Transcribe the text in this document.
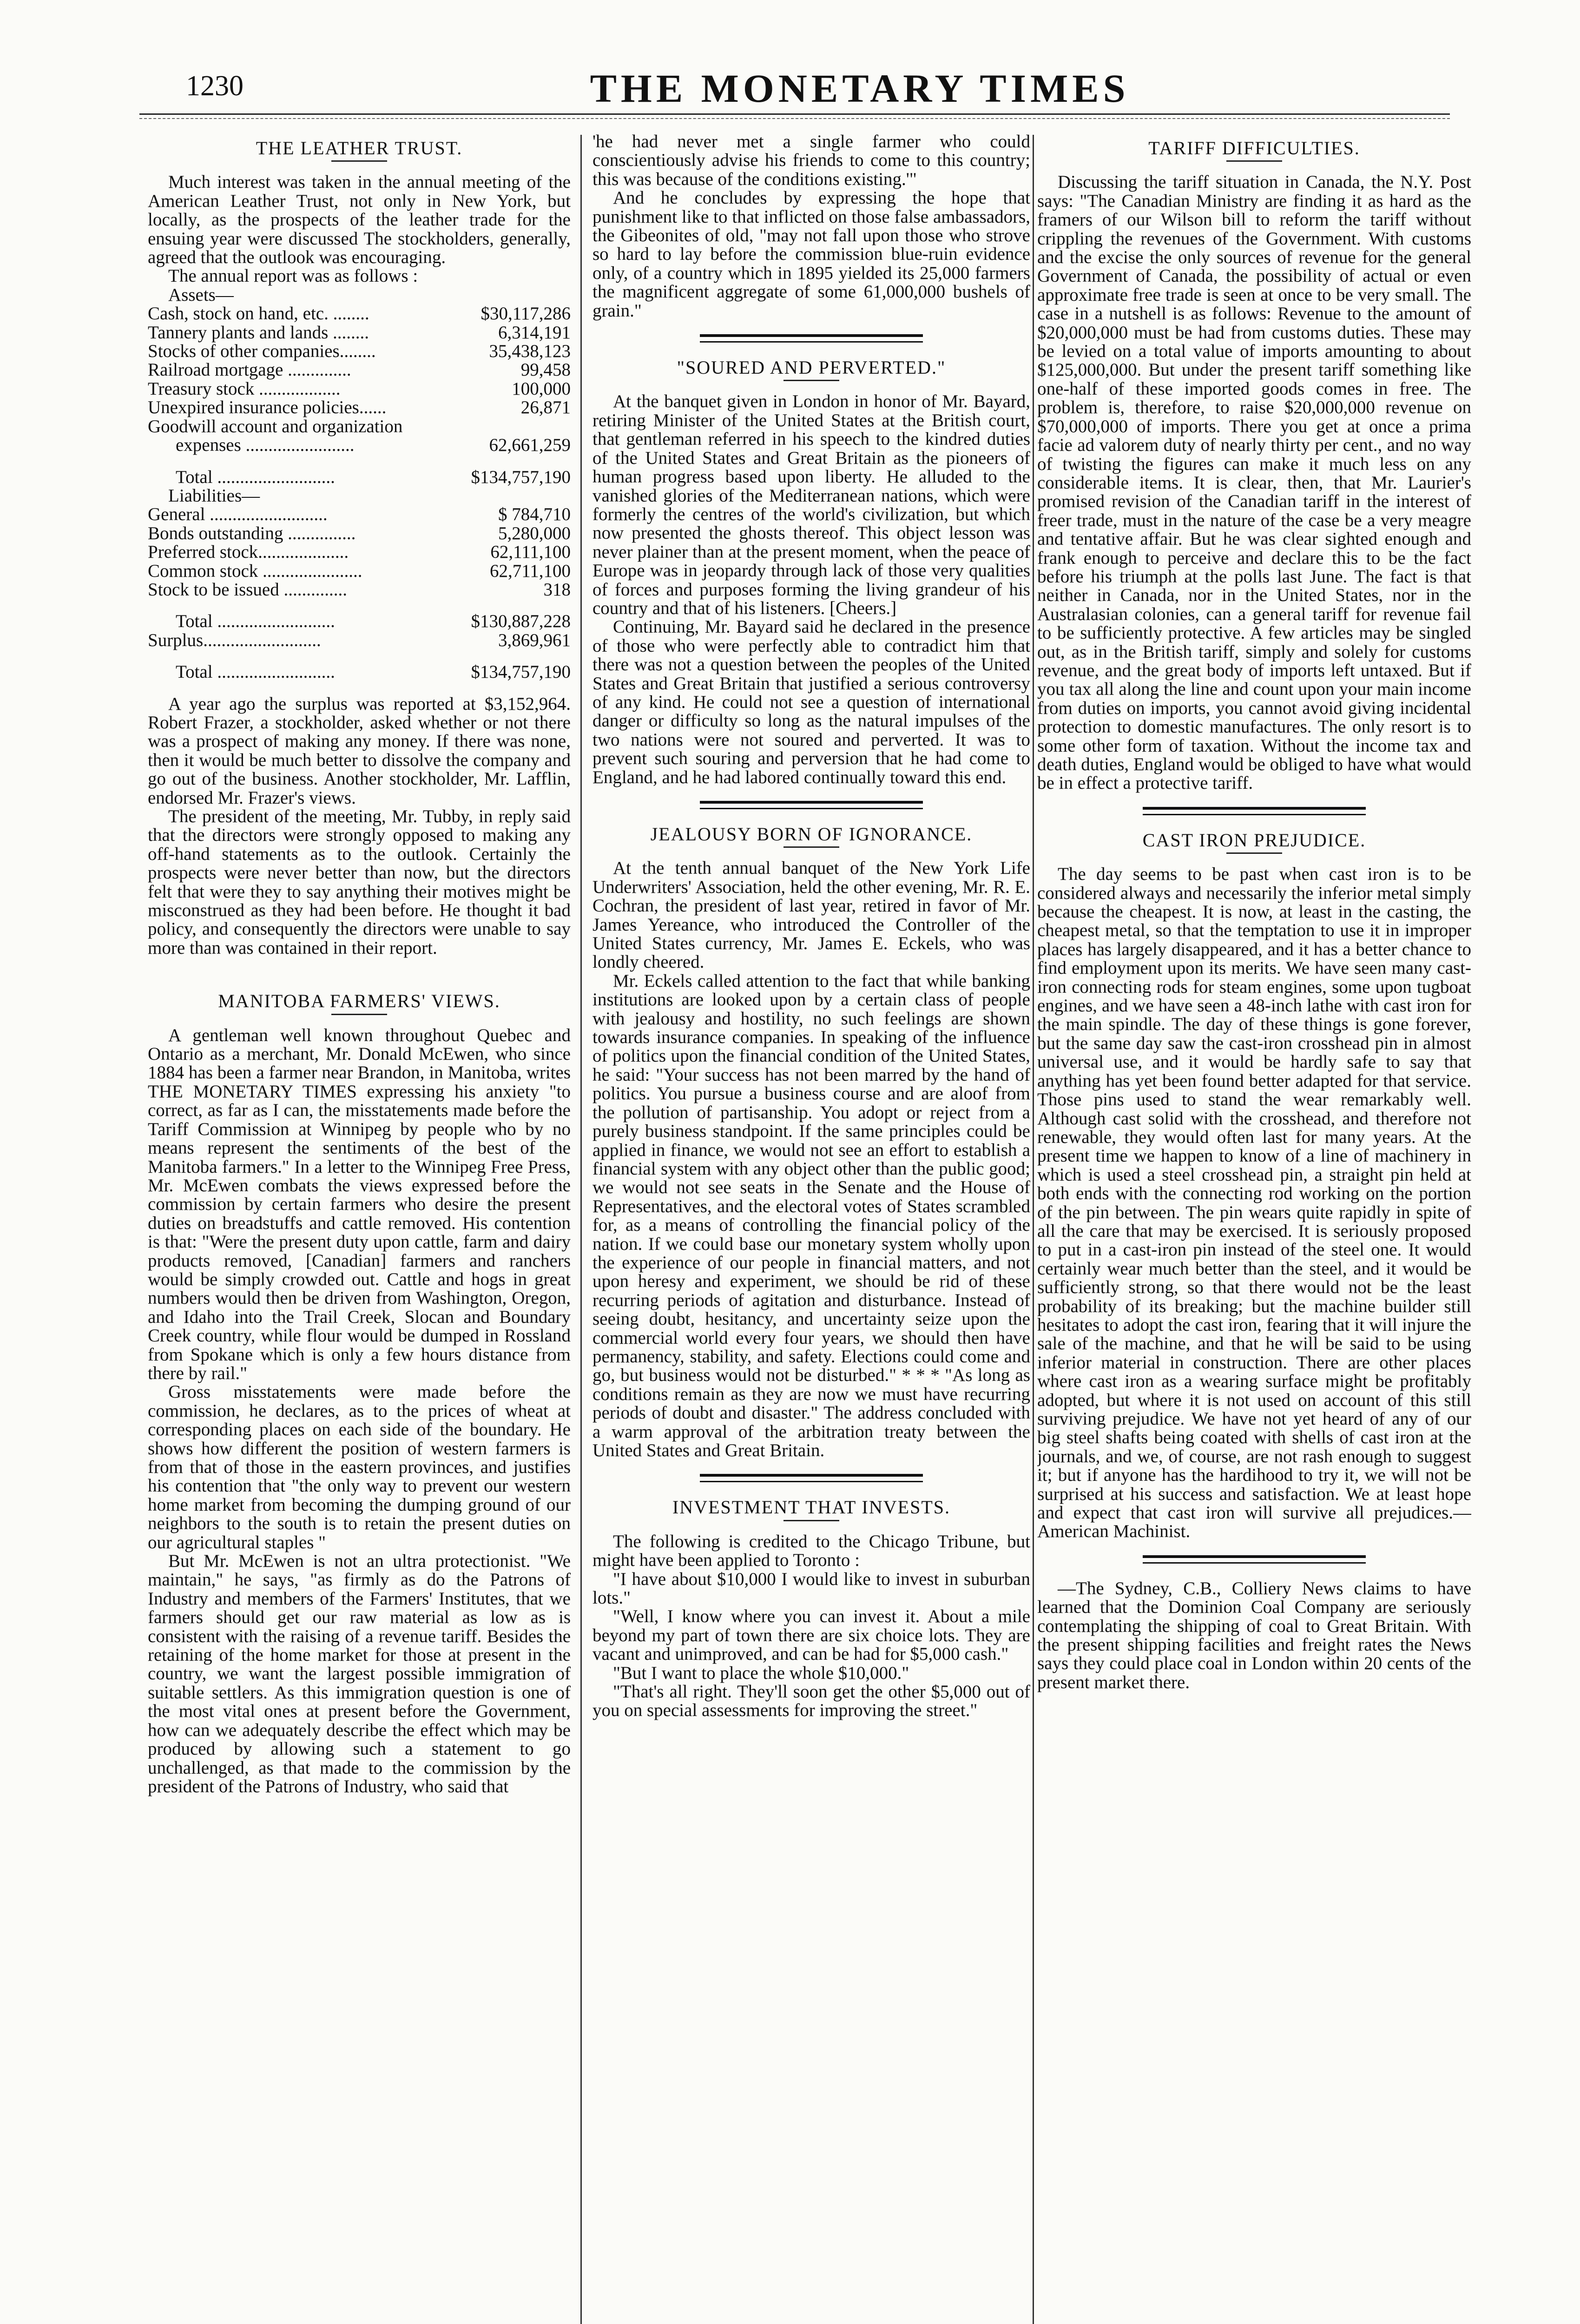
1230	THE MONETARY TIMES
THE LEATHER TRUST.

Much interest was taken in the annual meeting of the American Leather Trust, not only in New York, but locally, as the prospects of the leather trade for the ensuing year were discussed The stockholders, generally, agreed that the outlook was encouraging.

The annual report was as follows :

Assets—
Cash, stock on hand, etc. ........	$30,117,286
Tannery plants and lands ........	6,314,191
Stocks of other companies........	35,438,123
Railroad mortgage ..............	99,458
Treasury stock ..................	100,000
Unexpired insurance policies......	26,871
Goodwill account and organization
expenses ........................	62,661,259
Total ..........................	$134,757,190
Liabilities—
General ..........................	$ 784,710
Bonds outstanding ...............	5,280,000
Preferred stock....................	62,111,100
Common stock ......................	62,711,100
Stock to be issued ..............	318
Total ..........................	$130,887,228
Surplus..........................	3,869,961
Total ..........................	$134,757,190

A year ago the surplus was reported at $3,152,964. Robert Frazer, a stockholder, asked whether or not there was a prospect of making any money. If there was none, then it would be much better to dissolve the company and go out of the business. Another stockholder, Mr. Lafflin, endorsed Mr. Frazer's views.

The president of the meeting, Mr. Tubby, in reply said that the directors were strongly opposed to making any off-hand statements as to the outlook. Certainly the prospects were never better than now, but the directors felt that were they to say anything their motives might be misconstrued as they had been before. He thought it bad policy, and consequently the directors were unable to say more than was contained in their report.

MANITOBA FARMERS' VIEWS.

A gentleman well known throughout Quebec and Ontario as a merchant, Mr. Donald McEwen, who since 1884 has been a farmer near Brandon, in Manitoba, writes THE MONETARY TIMES expressing his anxiety "to correct, as far as I can, the misstatements made before the Tariff Commission at Winnipeg by people who by no means represent the sentiments of the best of the Manitoba farmers." In a letter to the Winnipeg Free Press, Mr. McEwen combats the views expressed before the commission by certain farmers who desire the present duties on breadstuffs and cattle removed. His contention is that: "Were the present duty upon cattle, farm and dairy products removed, [Canadian] farmers and ranchers would be simply crowded out. Cattle and hogs in great numbers would then be driven from Washington, Oregon, and Idaho into the Trail Creek, Slocan and Boundary Creek country, while flour would be dumped in Rossland from Spokane which is only a few hours distance from there by rail."

Gross misstatements were made before the commission, he declares, as to the prices of wheat at corresponding places on each side of the boundary. He shows how different the position of western farmers is from that of those in the eastern provinces, and justifies his contention that "the only way to prevent our western home market from becoming the dumping ground of our neighbors to the south is to retain the present duties on our agricultural staples "

But Mr. McEwen is not an ultra protectionist. "We maintain," he says, "as firmly as do the Patrons of Industry and members of the Farmers' Institutes, that we farmers should get our raw material as low as is consistent with the raising of a revenue tariff. Besides the retaining of the home market for those at present in the country, we want the largest possible immigration of suitable settlers. As this immigration question is one of the most vital ones at present before the Government, how can we adequately describe the effect which may be produced by allowing such a statement to go unchallenged, as that made to the commission by the president of the Patrons of Industry, who said that

'he had never met a single farmer who could conscientiously advise his friends to come to this country; this was because of the conditions existing.'"

And he concludes by expressing the hope that punishment like to that inflicted on those false ambassadors, the Gibeonites of old, "may not fall upon those who strove so hard to lay before the commission blue-ruin evidence only, of a country which in 1895 yielded its 25,000 farmers the magnificent aggregate of some 61,000,000 bushels of grain."

"SOURED AND PERVERTED."

At the banquet given in London in honor of Mr. Bayard, retiring Minister of the United States at the British court, that gentleman referred in his speech to the kindred duties of the United States and Great Britain as the pioneers of human progress based upon liberty. He alluded to the vanished glories of the Mediterranean nations, which were formerly the centres of the world's civilization, but which now presented the ghosts thereof. This object lesson was never plainer than at the present moment, when the peace of Europe was in jeopardy through lack of those very qualities of forces and purposes forming the living grandeur of his country and that of his listeners. [Cheers.]

Continuing, Mr. Bayard said he declared in the presence of those who were perfectly able to contradict him that there was not a question between the peoples of the United States and Great Britain that justified a serious controversy of any kind. He could not see a question of international danger or difficulty so long as the natural impulses of the two nations were not soured and perverted. It was to prevent such souring and perversion that he had come to England, and he had labored continually toward this end.

JEALOUSY BORN OF IGNORANCE.

At the tenth annual banquet of the New York Life Underwriters' Association, held the other evening, Mr. R. E. Cochran, the president of last year, retired in favor of Mr. James Yereance, who introduced the Controller of the United States currency, Mr. James E. Eckels, who was londly cheered.

Mr. Eckels called attention to the fact that while banking institutions are looked upon by a certain class of people with jealousy and hostility, no such feelings are shown towards insurance companies. In speaking of the influence of politics upon the financial condition of the United States, he said: "Your success has not been marred by the hand of politics. You pursue a business course and are aloof from the pollution of partisanship. You adopt or reject from a purely business standpoint. If the same principles could be applied in finance, we would not see an effort to establish a financial system with any object other than the public good; we would not see seats in the Senate and the House of Representatives, and the electoral votes of States scrambled for, as a means of controlling the financial policy of the nation. If we could base our monetary system wholly upon the experience of our people in financial matters, and not upon heresy and experiment, we should be rid of these recurring periods of agitation and disturbance. Instead of seeing doubt, hesitancy, and uncertainty seize upon the commercial world every four years, we should then have permanency, stability, and safety. Elections could come and go, but business would not be disturbed." * * * "As long as conditions remain as they are now we must have recurring periods of doubt and disaster." The address concluded with a warm approval of the arbitration treaty between the United States and Great Britain.

INVESTMENT THAT INVESTS.

The following is credited to the Chicago Tribune, but might have been applied to Toronto :

"I have about $10,000 I would like to invest in suburban lots."

"Well, I know where you can invest it. About a mile beyond my part of town there are six choice lots. They are vacant and unimproved, and can be had for $5,000 cash."

"But I want to place the whole $10,000."

"That's all right. They'll soon get the other $5,000 out of you on special assessments for improving the street."

TARIFF DIFFICULTIES.

Discussing the tariff situation in Canada, the N.Y. Post says: "The Canadian Ministry are finding it as hard as the framers of our Wilson bill to reform the tariff without crippling the revenues of the Government. With customs and the excise the only sources of revenue for the general Government of Canada, the possibility of actual or even approximate free trade is seen at once to be very small. The case in a nutshell is as follows: Revenue to the amount of $20,000,000 must be had from customs duties. These may be levied on a total value of imports amounting to about $125,000,000. But under the present tariff something like one-half of these imported goods comes in free. The problem is, therefore, to raise $20,000,000 revenue on $70,000,000 of imports. There you get at once a prima facie ad valorem duty of nearly thirty per cent., and no way of twisting the figures can make it much less on any considerable items. It is clear, then, that Mr. Laurier's promised revision of the Canadian tariff in the interest of freer trade, must in the nature of the case be a very meagre and tentative affair. But he was clear sighted enough and frank enough to perceive and declare this to be the fact before his triumph at the polls last June. The fact is that neither in Canada, nor in the United States, nor in the Australasian colonies, can a general tariff for revenue fail to be sufficiently protective. A few articles may be singled out, as in the British tariff, simply and solely for customs revenue, and the great body of imports left untaxed. But if you tax all along the line and count upon your main income from duties on imports, you cannot avoid giving incidental protection to domestic manufactures. The only resort is to some other form of taxation. Without the income tax and death duties, England would be obliged to have what would be in effect a protective tariff.

CAST IRON PREJUDICE.

The day seems to be past when cast iron is to be considered always and necessarily the inferior metal simply because the cheapest. It is now, at least in the casting, the cheapest metal, so that the temptation to use it in improper places has largely disappeared, and it has a better chance to find employment upon its merits. We have seen many cast-iron connecting rods for steam engines, some upon tugboat engines, and we have seen a 48-inch lathe with cast iron for the main spindle. The day of these things is gone forever, but the same day saw the cast-iron crosshead pin in almost universal use, and it would be hardly safe to say that anything has yet been found better adapted for that service. Those pins used to stand the wear remarkably well. Although cast solid with the crosshead, and therefore not renewable, they would often last for many years. At the present time we happen to know of a line of machinery in which is used a steel crosshead pin, a straight pin held at both ends with the connecting rod working on the portion of the pin between. The pin wears quite rapidly in spite of all the care that may be exercised. It is seriously proposed to put in a cast-iron pin instead of the steel one. It would certainly wear much better than the steel, and it would be sufficiently strong, so that there would not be the least probability of its breaking; but the machine builder still hesitates to adopt the cast iron, fearing that it will injure the sale of the machine, and that he will be said to be using inferior material in construction. There are other places where cast iron as a wearing surface might be profitably adopted, but where it is not used on account of this still surviving prejudice. We have not yet heard of any of our big steel shafts being coated with shells of cast iron at the journals, and we, of course, are not rash enough to suggest it; but if anyone has the hardihood to try it, we will not be surprised at his success and satisfaction. We at least hope and expect that cast iron will survive all prejudices.—American Machinist.

—The Sydney, C.B., Colliery News claims to have learned that the Dominion Coal Company are seriously contemplating the shipping of coal to Great Britain. With the present shipping facilities and freight rates the News says they could place coal in London within 20 cents of the present market there.
